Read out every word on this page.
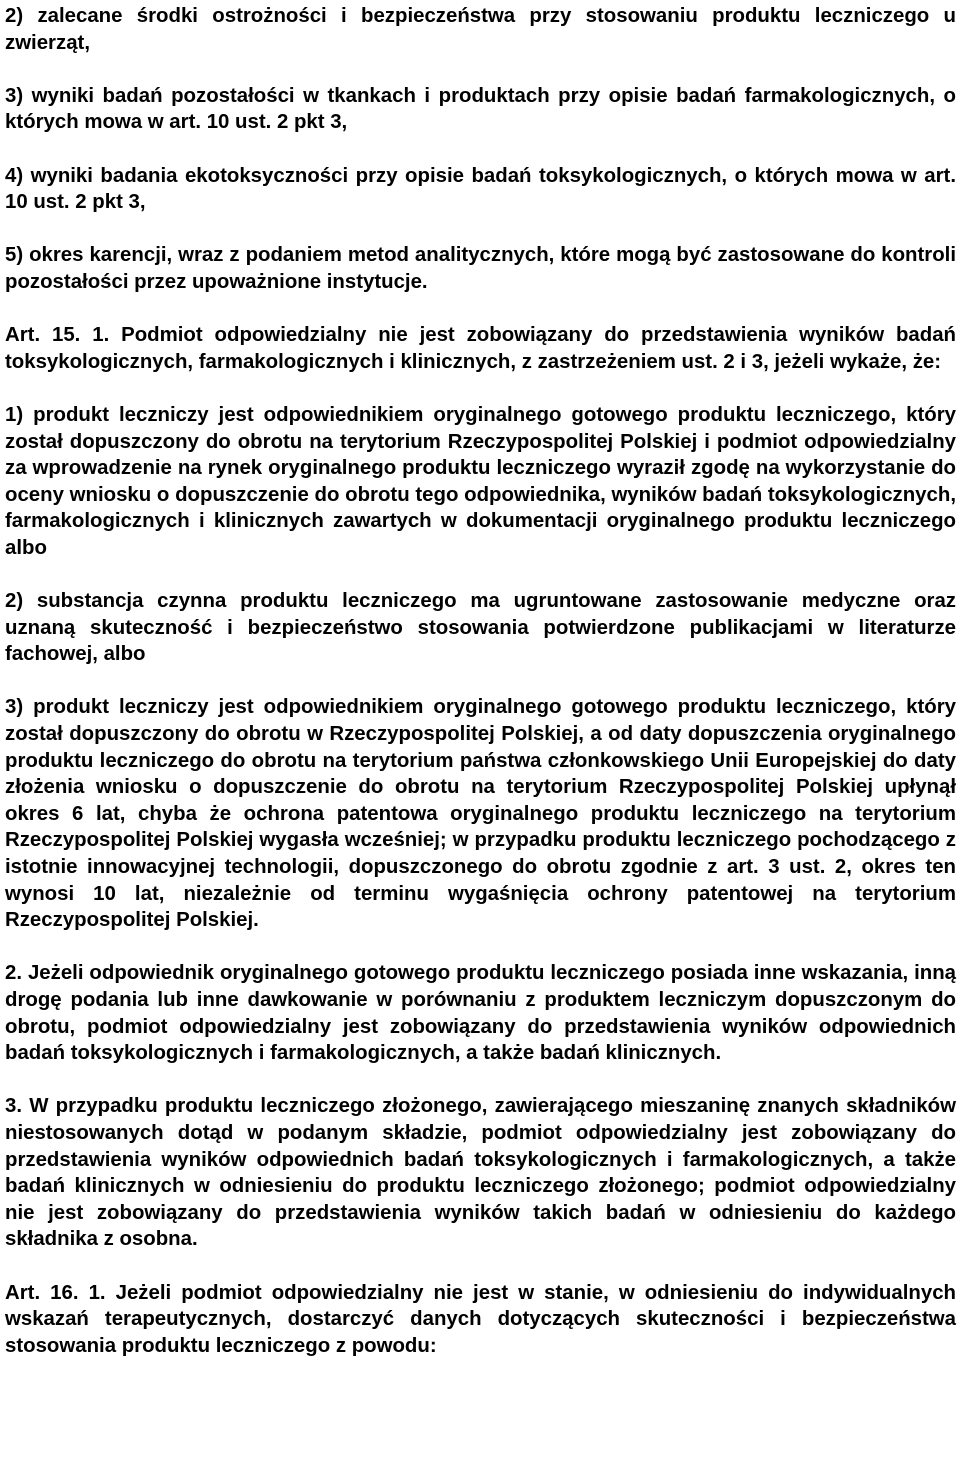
2) zalecane środki ostrożności i bezpieczeństwa przy stosowaniu produktu leczniczego u zwierząt,

3) wyniki badań pozostałości w tkankach i produktach przy opisie badań farmakologicznych, o których mowa w art. 10 ust. 2 pkt 3,

4) wyniki badania ekotoksyczności przy opisie badań toksykologicznych, o których mowa w art. 10 ust. 2 pkt 3,

5) okres karencji, wraz z podaniem metod analitycznych, które mogą być zastosowane do kontroli pozostałości przez upoważnione instytucje.

Art. 15. 1. Podmiot odpowiedzialny nie jest zobowiązany do przedstawienia wyników badań toksykologicznych, farmakologicznych i klinicznych, z zastrzeżeniem ust. 2 i 3, jeżeli wykaże, że:

1) produkt leczniczy jest odpowiednikiem oryginalnego gotowego produktu leczniczego, który został dopuszczony do obrotu na terytorium Rzeczypospolitej Polskiej i podmiot odpowiedzialny za wprowadzenie na rynek oryginalnego produktu leczniczego wyraził zgodę na wykorzystanie do oceny wniosku o dopuszczenie do obrotu tego odpowiednika, wyników badań toksykologicznych, farmakologicznych i klinicznych zawartych w dokumentacji oryginalnego produktu leczniczego albo

2) substancja czynna produktu leczniczego ma ugruntowane zastosowanie medyczne oraz uznaną skuteczność i bezpieczeństwo stosowania potwierdzone publikacjami w literaturze fachowej, albo

3) produkt leczniczy jest odpowiednikiem oryginalnego gotowego produktu leczniczego, który został dopuszczony do obrotu w Rzeczypospolitej Polskiej, a od daty dopuszczenia oryginalnego produktu leczniczego do obrotu na terytorium państwa członkowskiego Unii Europejskiej do daty złożenia wniosku o dopuszczenie do obrotu na terytorium Rzeczypospolitej Polskiej upłynął okres 6 lat, chyba że ochrona patentowa oryginalnego produktu leczniczego na terytorium Rzeczypospolitej Polskiej wygasła wcześniej; w przypadku produktu leczniczego pochodzącego z istotnie innowacyjnej technologii, dopuszczonego do obrotu zgodnie z art. 3 ust. 2, okres ten wynosi 10 lat, niezależnie od terminu wygaśnięcia ochrony patentowej na terytorium Rzeczypospolitej Polskiej.

2. Jeżeli odpowiednik oryginalnego gotowego produktu leczniczego posiada inne wskazania, inną drogę podania lub inne dawkowanie w porównaniu z produktem leczniczym dopuszczonym do obrotu, podmiot odpowiedzialny jest zobowiązany do przedstawienia wyników odpowiednich badań toksykologicznych i farmakologicznych, a także badań klinicznych.

3. W przypadku produktu leczniczego złożonego, zawierającego mieszaninę znanych składników niestosowanych dotąd w podanym składzie, podmiot odpowiedzialny jest zobowiązany do przedstawienia wyników odpowiednich badań toksykologicznych i farmakologicznych, a także badań klinicznych w odniesieniu do produktu leczniczego złożonego; podmiot odpowiedzialny nie jest zobowiązany do przedstawienia wyników takich badań w odniesieniu do każdego składnika z osobna.

Art. 16. 1. Jeżeli podmiot odpowiedzialny nie jest w stanie, w odniesieniu do indywidualnych wskazań terapeutycznych, dostarczyć danych dotyczących skuteczności i bezpieczeństwa stosowania produktu leczniczego z powodu:
